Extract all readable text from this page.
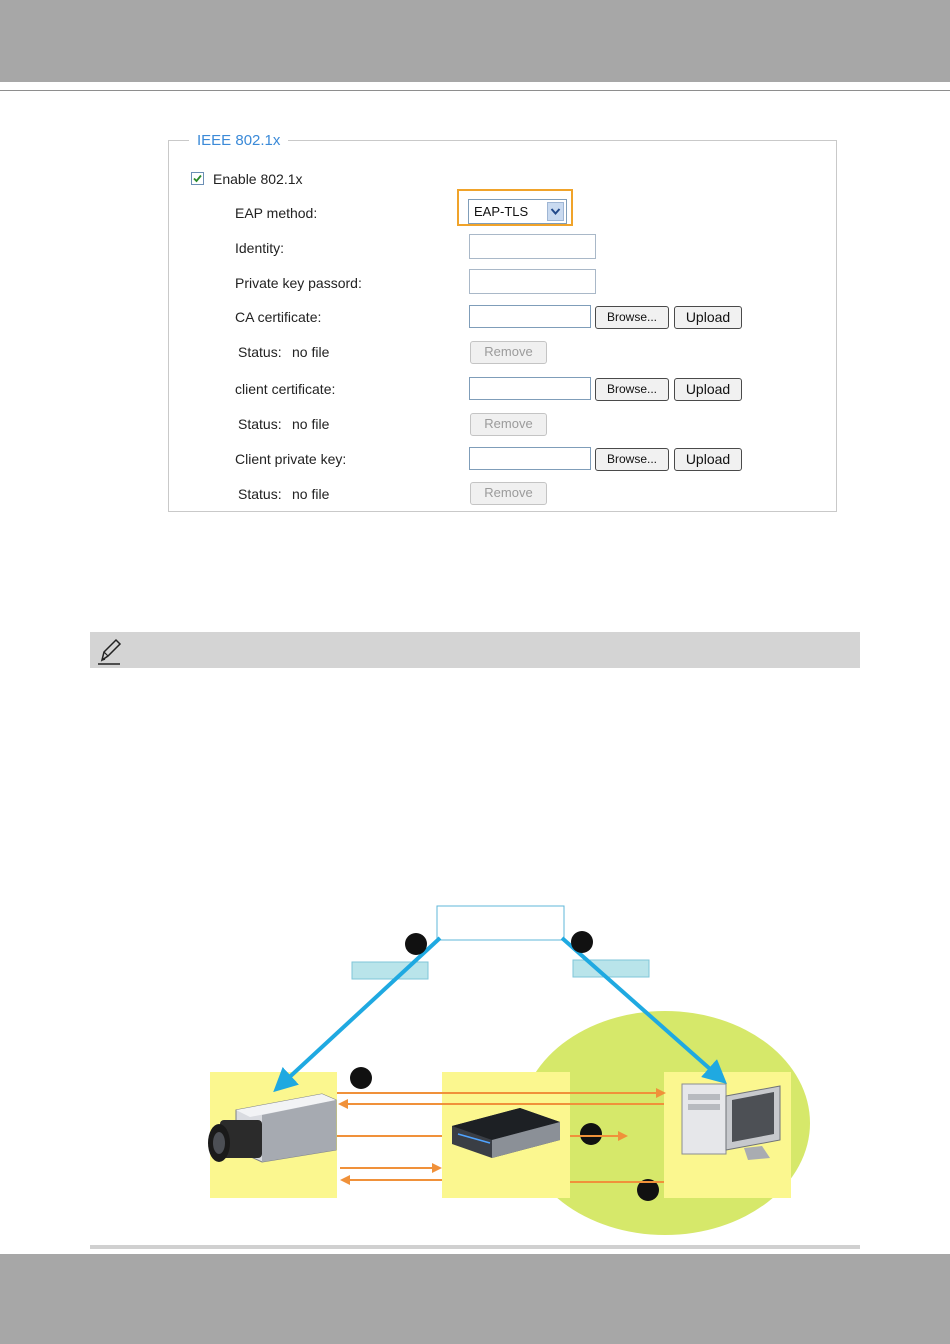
IEEE 802.1x
Enable 802.1x
EAP method:	EAP-TLS
Identity:
Private key passord:
CA certificate:	Browse...	Upload
Status: no file	Remove
client certificate:	Browse...	Upload
Status: no file	Remove
Client private key:	Browse...	Upload
Status: no file	Remove
